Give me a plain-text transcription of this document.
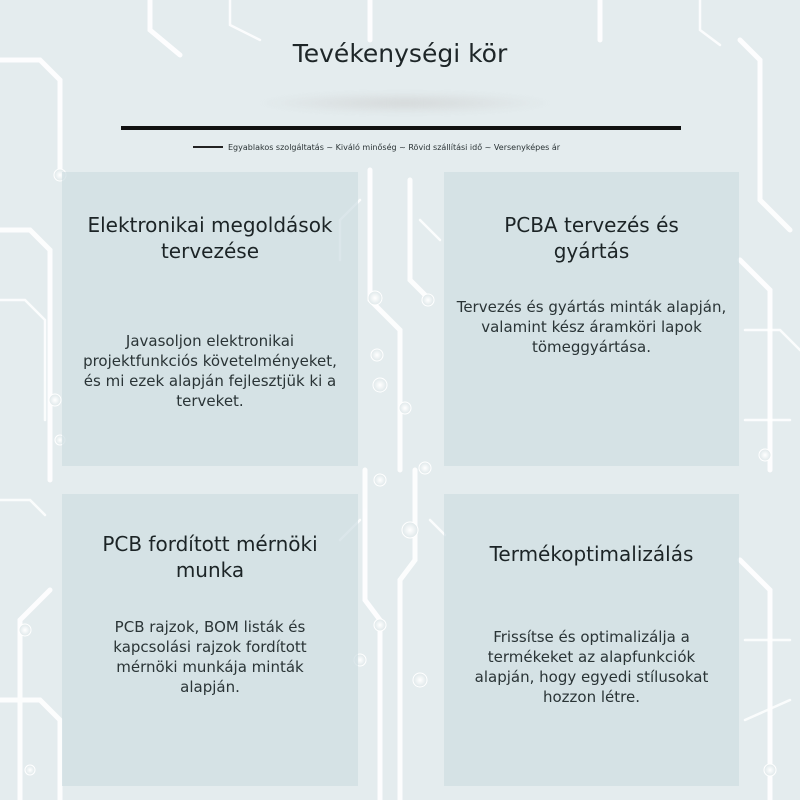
Tevékenységi kör
Egyablakos szolgáltatás ~ Kiváló minőség ~ Rövid szállítási idő ~ Versenyképes ár
Elektronikai megoldások tervezése
Javasoljon elektronikai projektfunkciós követelményeket, és mi ezek alapján fejlesztjük ki a terveket.
PCBA tervezés és gyártás
Tervezés és gyártás minták alapján, valamint kész áramköri lapok tömeggyártása.
PCB fordított mérnöki munka
PCB rajzok, BOM listák és kapcsolási rajzok fordított mérnöki munkája minták alapján.
Termékoptimalizálás
Frissítse és optimalizálja a termékeket az alapfunkciók alapján, hogy egyedi stílusokat hozzon létre.
